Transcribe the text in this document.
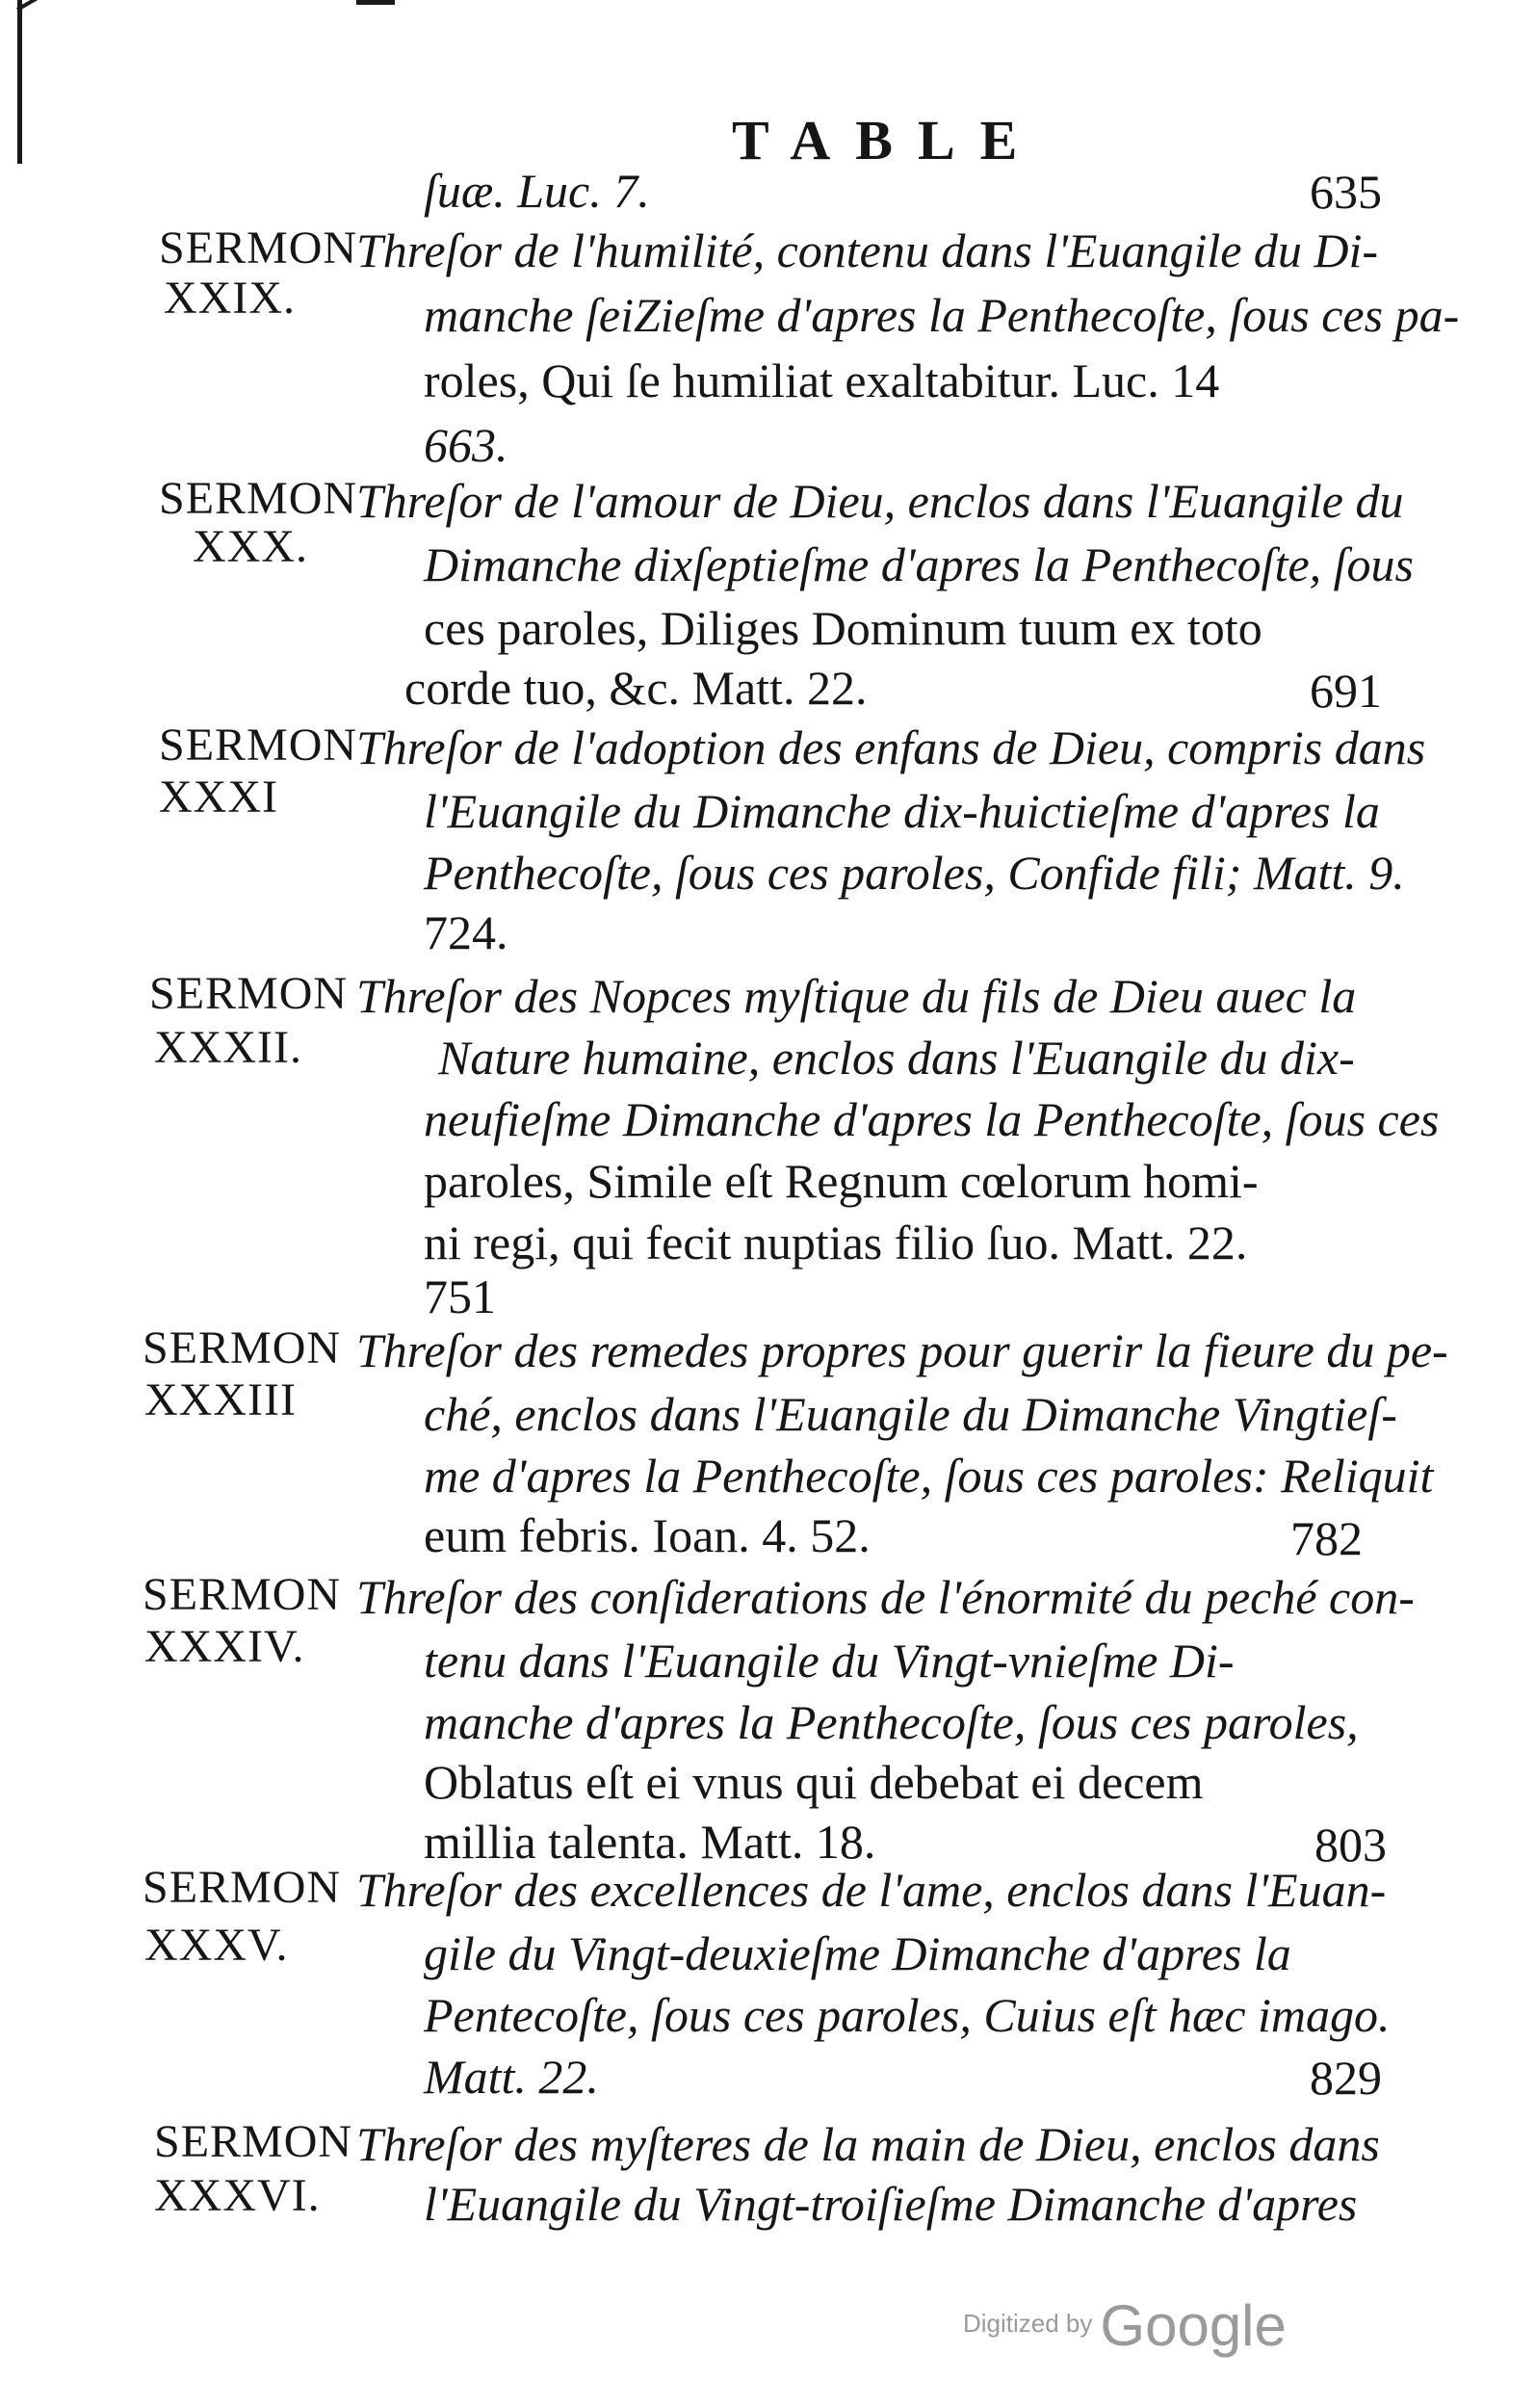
TABLE
ſuæ. Luc. 7.	635
SERMON
XXIX.
Threſor de l'humilité, contenu dans l'Euangile du Di-
manche ſeiZieſme d'apres la Penthecoſte, ſous ces pa-
roles, Qui ſe humiliat exaltabitur. Luc. 14
663.
SERMON
XXX.
Threſor de l'amour de Dieu, enclos dans l'Euangile du
Dimanche dixſeptieſme d'apres la Penthecoſte, ſous
ces paroles, Diliges Dominum tuum ex toto
corde tuo, &c. Matt. 22.	691
SERMON
XXXI
Threſor de l'adoption des enfans de Dieu, compris dans
l'Euangile du Dimanche dix-huictieſme d'apres la
Penthecoſte, ſous ces paroles, Confide fili; Matt. 9.
724.
SERMON
XXXII.
Threſor des Nopces myſtique du fils de Dieu auec la
Nature humaine, enclos dans l'Euangile du dix-
neufieſme Dimanche d'apres la Penthecoſte, ſous ces
paroles, Simile eſt Regnum cœlorum homi-
ni regi, qui fecit nuptias filio ſuo. Matt. 22.
751
SERMON
XXXIII
Threſor des remedes propres pour guerir la fieure du pe-
ché, enclos dans l'Euangile du Dimanche Vingtieſ-
me d'apres la Penthecoſte, ſous ces paroles: Reliquit
eum febris. Ioan. 4. 52.	782
SERMON
XXXIV.
Threſor des conſiderations de l'énormité du peché con-
tenu dans l'Euangile du Vingt-vnieſme Di-
manche d'apres la Penthecoſte, ſous ces paroles,
Oblatus eſt ei vnus qui debebat ei decem
millia talenta. Matt. 18.	803
SERMON
XXXV.
Threſor des excellences de l'ame, enclos dans l'Euan-
gile du Vingt-deuxieſme Dimanche d'apres la
Pentecoſte, ſous ces paroles, Cuius eſt hæc imago.
Matt. 22.	829
SERMON
XXXVI.
Threſor des myſteres de la main de Dieu, enclos dans
l'Euangile du Vingt-troiſieſme Dimanche d'apres
Digitized by Google
